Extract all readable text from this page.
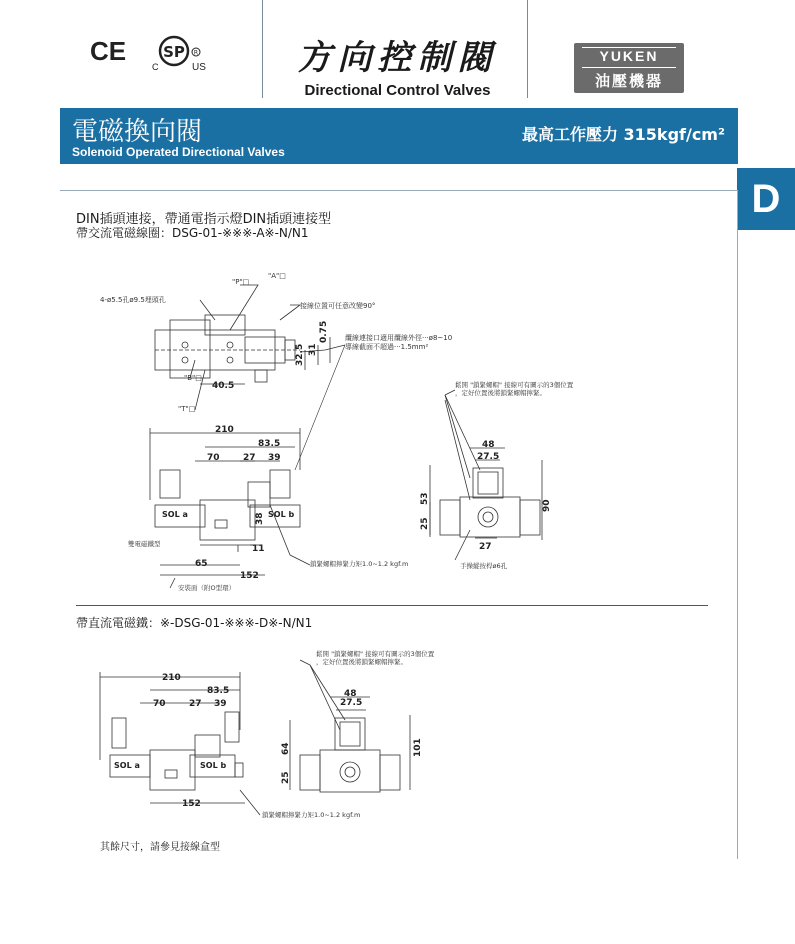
CE SP R
C	US	方向控制閥
Directional Control Valves
YUKEN
油壓機器
電磁換向閥
Solenoid Operated Directional Valves
最高工作壓力 315kgf/cm²
D
DIN插頭連接，帶通電指示燈DIN插頭連接型
帶交流電磁線圈：DSG-01-※※※-A※-N/N1
"P"□
"A"□
4-ø5.5孔ø9.5埋頭孔
接線位置可任意改變90°
纜線連接口適用纜線外徑···ø8~10
導線截面不超過···1.5mm²
"B"□
"T"□
40.5
0.75
31
32.5
210
83.5
70	27 39
38
11
65
152
SOL a	SOL b
雙電磁鐵型
安裝面（附O型環）
鎖緊螺帽擰緊力矩1.0~1.2 kgf.m
鬆開 "鎖緊螺帽" 接線可有圖示的3個位置
，定好位置後將鎖緊螺帽擰緊。
手操縱按桿ø6孔
48
27.5
53
90
25
27
帶直流電磁鐵：※-DSG-01-※※※-D※-N/N1
210
83.5
70	27 39
152
SOL a	SOL b
48
27.5
64	101
25
鬆開 "鎖緊螺帽" 接線可有圖示的3個位置
，定好位置後將鎖緊螺帽擰緊。
鎖緊螺帽擰緊力矩1.0~1.2 kgf.m
其餘尺寸，請參見接線盒型
